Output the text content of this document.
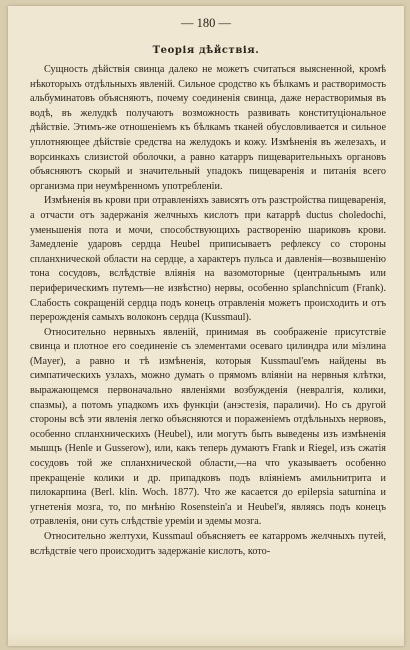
— 180 —
Теорія дѣйствія.

Сущность дѣйствія свинца далеко не можетъ считаться выясненной, кромѣ нѣкоторыхъ отдѣльныхъ явленій. Сильное сродство къ бѣлкамъ и растворимость альбуминатовъ объясняютъ, почему соединенія свинца, даже нерастворимыя въ водѣ, въ желудкѣ получаютъ возможность развивать конституціональное дѣйствіе. Этимъ-же отношеніемъ къ бѣлкамъ тканей обусловливается и сильное уплотняющее дѣйствіе средства на желудокъ и кожу. Измѣненія въ железахъ, и ворсинкахъ слизистой оболочки, а равно катарръ пищеварительныхъ органовъ объясняютъ скорый и значительный упадокъ пищеваренія и питанія всего организма при неумѣренномъ употребленіи.

Измѣненія въ крови при отравленіяхъ зависятъ отъ разстройства пищеваренія, а отчасти отъ задержанія желчныхъ кислотъ при катаррѣ ductus choledochi, уменьшенія пота и мочи, способствующихъ растворенію шариковъ крови. Замедленіе ударовъ сердца Heubel приписываетъ рефлексу со стороны спланхнической области на сердце, а характеръ пульса и давленія—возвышенію тона сосудовъ, вслѣдствіе вліянія на вазомоторные (центральнымъ или периферическимъ путемъ—не извѣстно) нервы, особенно splanchnicum (Frank). Слабость сокращеній сердца подъ конецъ отравленія можетъ происходить и отъ перерожденія самыхъ волоконъ сердца (Kussmaul).

Относительно нервныхъ явленій, принимая въ соображеніе присутствіе свинца и плотное его соединеніе съ элементами осеваго цилиндра или міэлина (Mayer), а равно и тѣ измѣненія, которыя Kussmaul'емъ найдены въ симпатическихъ узлахъ, можно думать о прямомъ вліяніи на нервныя клѣтки, выражающемся первоначально явленіями возбужденія (невралгія, колики, спазмы), а потомъ упадкомъ ихъ функціи (анэстезія, параличи). Но съ другой стороны всѣ эти явленія легко объясняются и пораженіемъ отдѣльныхъ нервовъ, особенно спланхническихъ (Heubel), или могутъ быть выведены изъ измѣненія мышцъ (Henle и Gusserow), или, какъ теперь думаютъ Frank и Riegel, изъ сжатія сосудовъ той же спланхнической области,—на что указываетъ особенно прекращеніе колики и др. припадковъ подъ вліяніемъ амильнитрита и пилокарпина (Berl. klin. Woch. 1877). Что же касается до epilepsia saturnina и угнетенія мозга, то, по мнѣнію Rosenstein'а и Heubel'я, являясь подъ конецъ отравленія, они суть слѣдствіе уреміи и эдемы мозга.

Относительно желтухи, Kussmaul объясняетъ ее катарромъ желчныхъ путей, вслѣдствіе чего происходитъ задержаніе кислотъ, кото-
